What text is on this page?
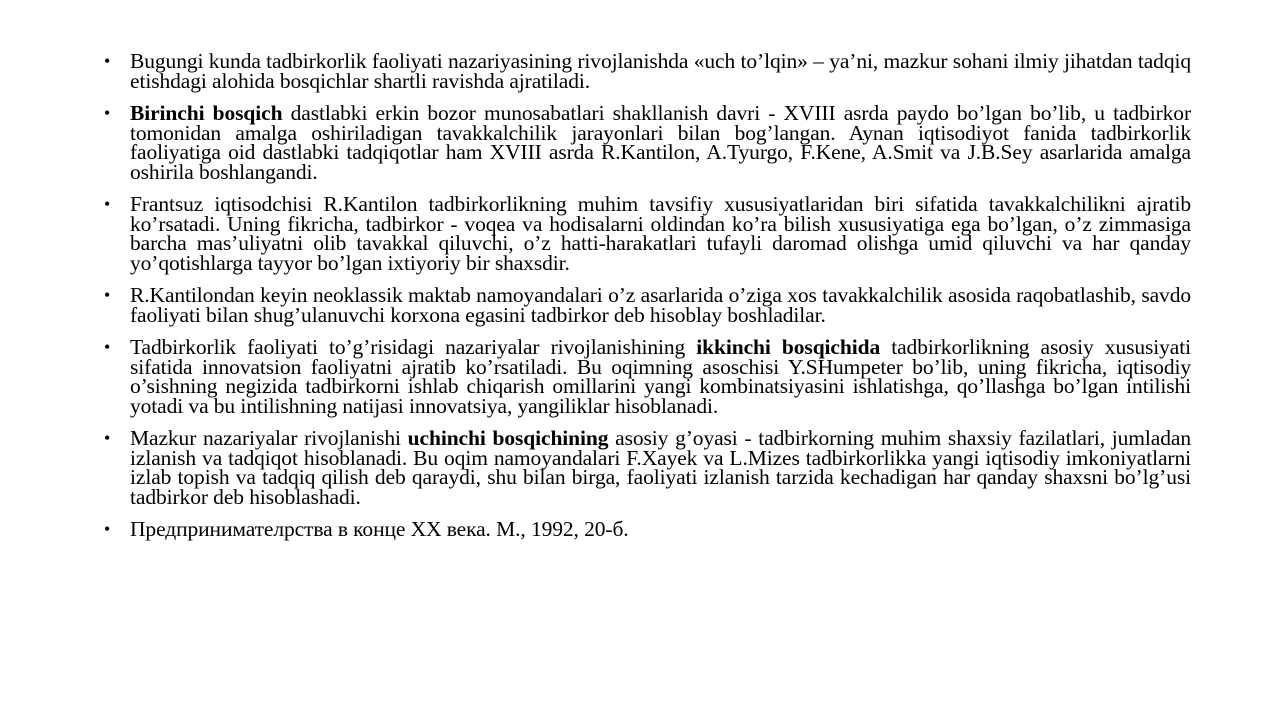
• Bugungi kunda tadbirkorlik faoliyati nazariyasining rivojlanishda «uch to’lqin» – ya’ni, mazkur sohani ilmiy jihatdan tadqiq etishdagi alohida bosqichlar shartli ravishda ajratiladi.
• Birinchi bosqich dastlabki erkin bozor munosabatlari shakllanish davri - XVIII asrda paydo bo’lgan bo’lib, u tadbirkor tomonidan amalga oshiriladigan tavakkalchilik jarayonlari bilan bog’langan. Aynan iqtisodiyot fanida tadbirkorlik faoliyatiga oid dastlabki tadqiqotlar ham XVIII asrda R.Kantilon, A.Tyurgo, F.Kene, A.Smit va J.B.Sey asarlarida amalga oshirila boshlangandi.
• Frantsuz iqtisodchisi R.Kantilon tadbirkorlikning muhim tavsifiy xususiyatlaridan biri sifatida tavakkalchilikni ajratib ko’rsatadi. Uning fikricha, tadbirkor - voqea va hodisalarni oldindan ko’ra bilish xususiyatiga ega bo’lgan, o’z zimmasiga barcha mas’uliyatni olib tavakkal qiluvchi, o’z hatti-harakatlari tufayli daromad olishga umid qiluvchi va har qanday yo’qotishlarga tayyor bo’lgan ixtiyoriy bir shaxsdir.
• R.Kantilondan keyin neoklassik maktab namoyandalari o’z asarlarida o’ziga xos tavakkalchilik asosida raqobatlashib, savdo faoliyati bilan shug’ulanuvchi korxona egasini tadbirkor deb hisoblay boshladilar.
• Tadbirkorlik faoliyati to’g’risidagi nazariyalar rivojlanishining ikkinchi bosqichida tadbirkorlikning asosiy xususiyati sifatida innovatsion faoliyatni ajratib ko’rsatiladi. Bu oqimning asoschisi Y.SHumpeter bo’lib, uning fikricha, iqtisodiy o’sishning negizida tadbirkorni ishlab chiqarish omillarini yangi kombinatsiyasini ishlatishga, qo’llashga bo’lgan intilishi yotadi va bu intilishning natijasi innovatsiya, yangiliklar hisoblanadi.
• Mazkur nazariyalar rivojlanishi uchinchi bosqichining asosiy g’oyasi - tadbirkorning muhim shaxsiy fazilatlari, jumladan izlanish va tadqiqot hisoblanadi. Bu oqim namoyandalari F.Xayek va L.Mizes tadbirkorlikka yangi iqtisodiy imkoniyatlarni izlab topish va tadqiq qilish deb qaraydi, shu bilan birga, faoliyati izlanish tarzida kechadigan har qanday shaxsni bo’lg’usi tadbirkor deb hisoblashadi.
• Предпринимателрства в конце XX века. М., 1992, 20-б.
